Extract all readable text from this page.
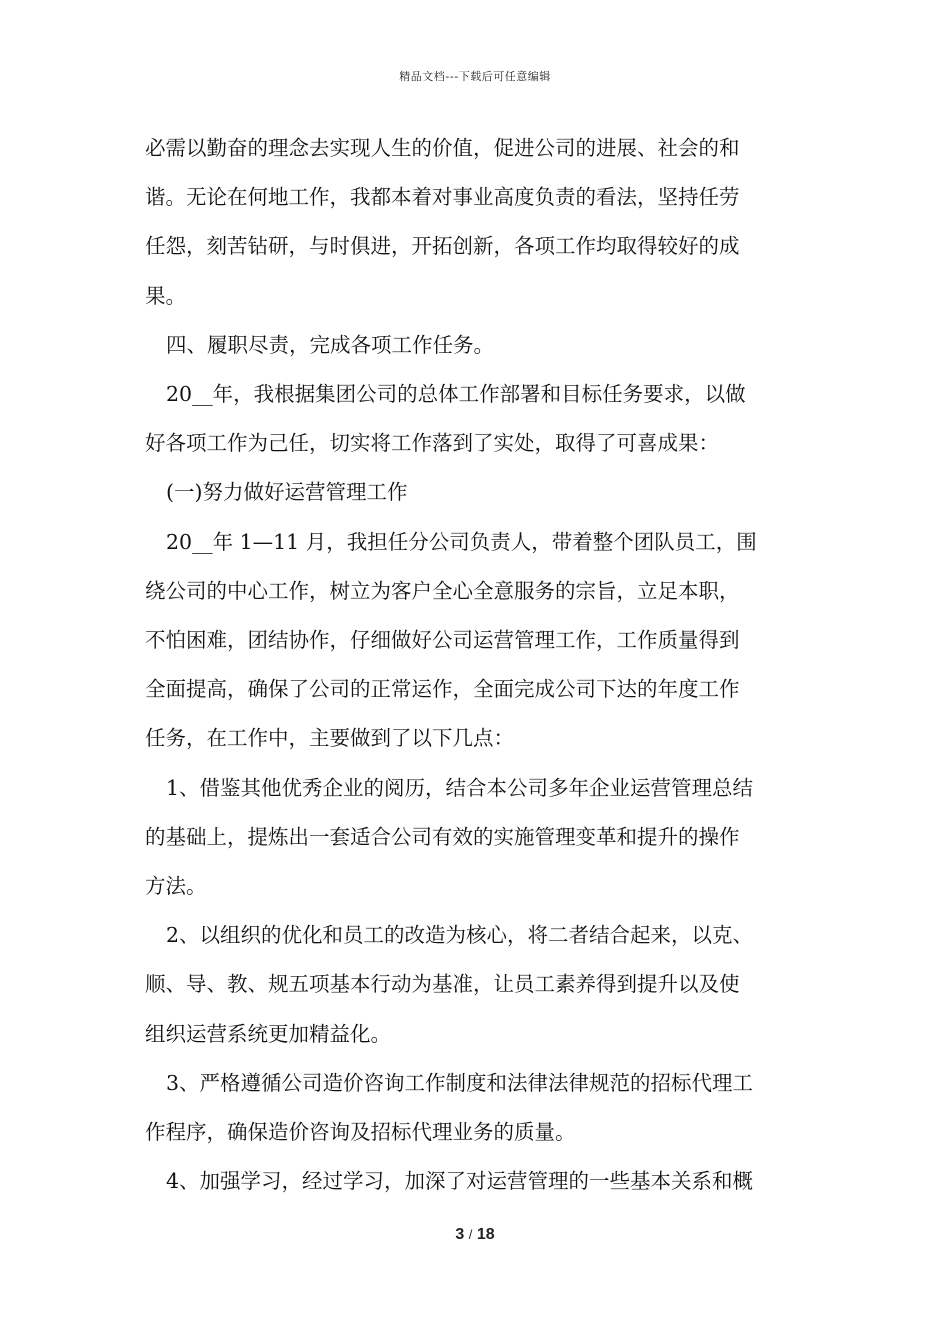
精品文档---下载后可任意编辑

必需以勤奋的理念去实现人生的价值，促进公司的进展、社会的和
谐。无论在何地工作，我都本着对事业高度负责的看法，坚持任劳
任怨，刻苦钻研，与时俱进，开拓创新，各项工作均取得较好的成
果。

四、履职尽责，完成各项工作任务。

20__年，我根据集团公司的总体工作部署和目标任务要求，以做
好各项工作为己任，切实将工作落到了实处，取得了可喜成果：

(一)努力做好运营管理工作

20__年 1—11 月，我担任分公司负责人，带着整个团队员工，围
绕公司的中心工作，树立为客户全心全意服务的宗旨，立足本职，
不怕困难，团结协作，仔细做好公司运营管理工作，工作质量得到
全面提高，确保了公司的正常运作，全面完成公司下达的年度工作
任务，在工作中，主要做到了以下几点：

1、借鉴其他优秀企业的阅历，结合本公司多年企业运营管理总结
的基础上，提炼出一套适合公司有效的实施管理变革和提升的操作
方法。

2、以组织的优化和员工的改造为核心，将二者结合起来，以克、
顺、导、教、规五项基本行动为基准，让员工素养得到提升以及使
组织运营系统更加精益化。

3、严格遵循公司造价咨询工作制度和法律法律规范的招标代理工
作程序，确保造价咨询及招标代理业务的质量。

4、加强学习，经过学习，加深了对运营管理的一些基本关系和概

3 / 18
